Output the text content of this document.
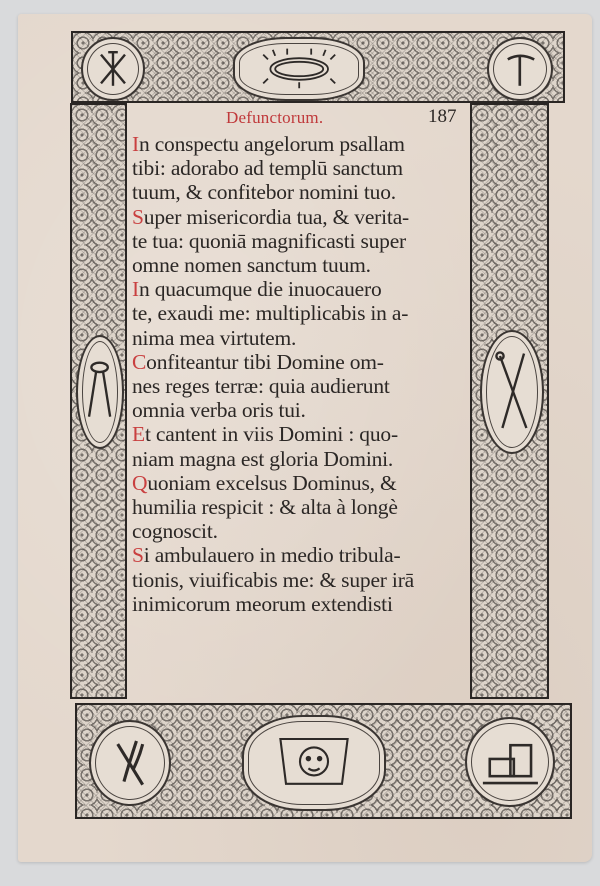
Defunctorum.	187
In conspectu angelorum psallam
tibi: adorabo ad templū sanctum
tuum, & confitebor nomini tuo.
Super misericordia tua, & verita-
te tua: quoniā magnificasti super
omne nomen sanctum tuum.
In quacumque die inuocauero
te, exaudi me: multiplicabis in a-
nima mea virtutem.
Confiteantur tibi Domine om-
nes reges terræ: quia audierunt
omnia verba oris tui.
Et cantent in viis Domini : quo-
niam magna est gloria Domini.
Quoniam excelsus Dominus, &
humilia respicit : & alta à longè
cognoscit.
Si ambulauero in medio tribula-
tionis, viuificabis me: & super irā
inimicorum meorum extendisti
